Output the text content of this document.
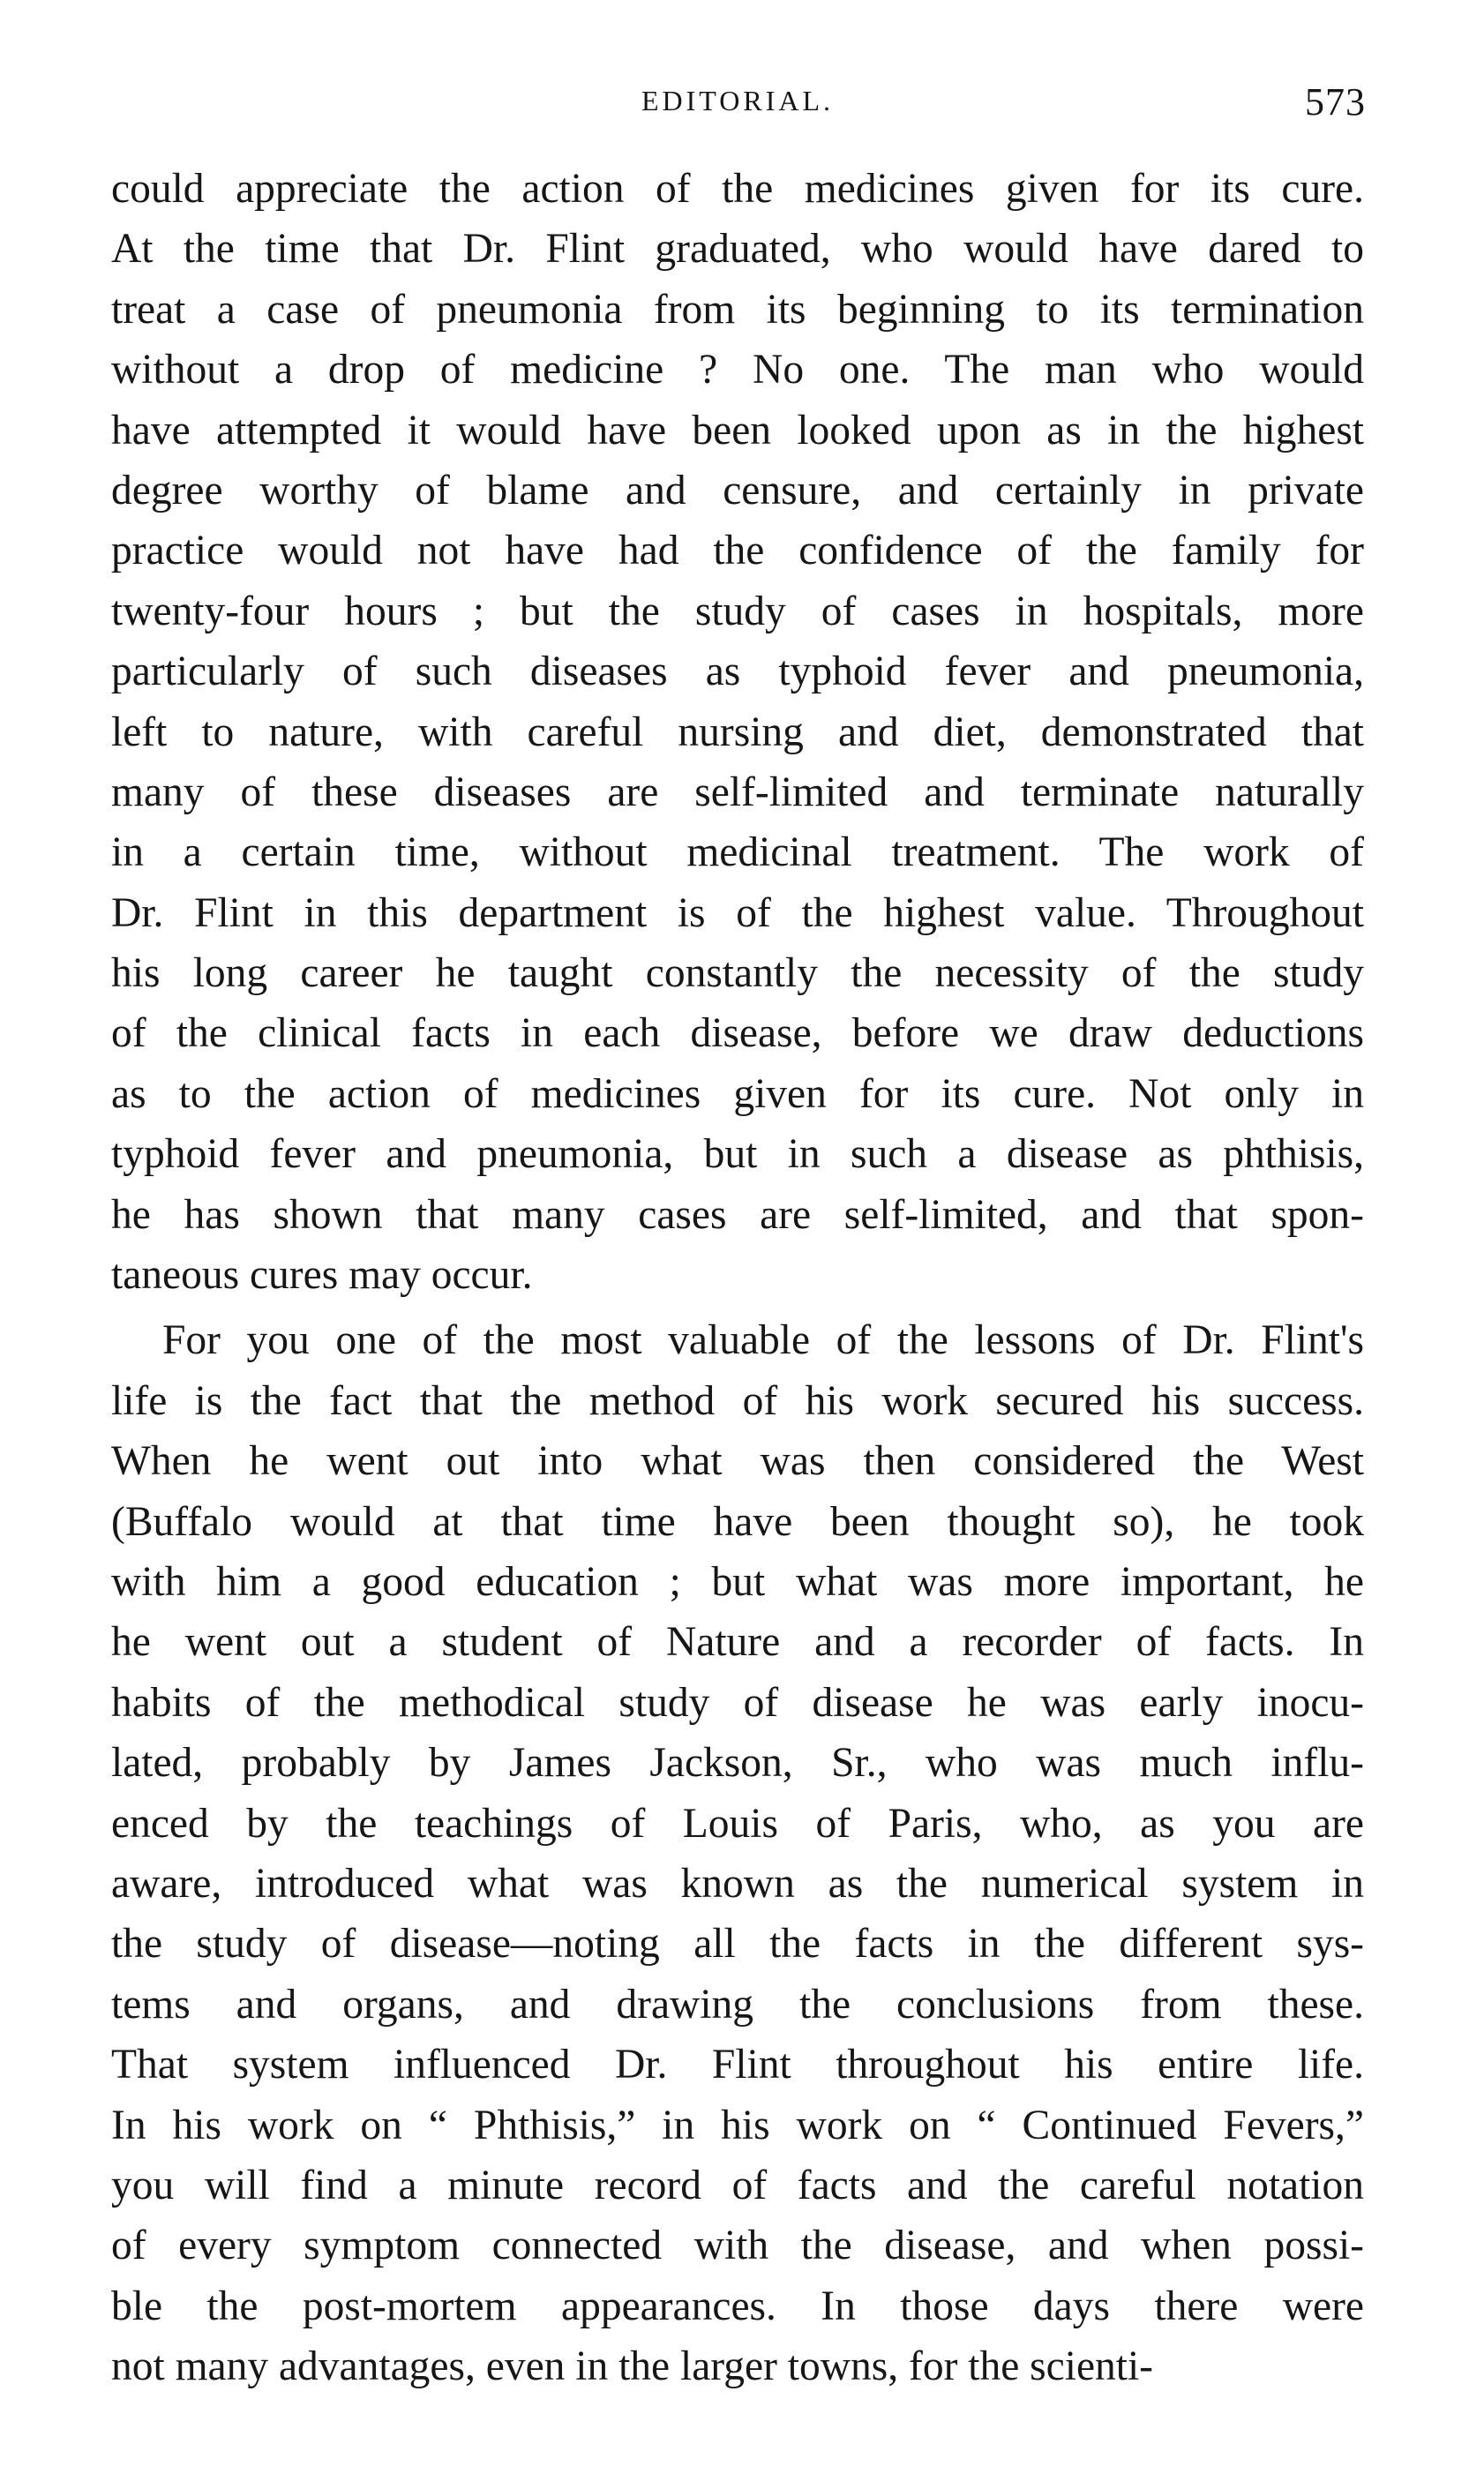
EDITORIAL.	573

could appreciate the action of the medicines given for its cure.
At the time that Dr. Flint graduated, who would have dared to
treat a case of pneumonia from its beginning to its termination
without a drop of medicine ? No one. The man who would
have attempted it would have been looked upon as in the highest
degree worthy of blame and censure, and certainly in private
practice would not have had the confidence of the family for
twenty-four hours ; but the study of cases in hospitals, more
particularly of such diseases as typhoid fever and pneumonia,
left to nature, with careful nursing and diet, demonstrated that
many of these diseases are self-limited and terminate naturally
in a certain time, without medicinal treatment. The work of
Dr. Flint in this department is of the highest value. Throughout
his long career he taught constantly the necessity of the study
of the clinical facts in each disease, before we draw deductions
as to the action of medicines given for its cure. Not only in
typhoid fever and pneumonia, but in such a disease as phthisis,
he has shown that many cases are self-limited, and that spon-
taneous cures may occur.

For you one of the most valuable of the lessons of Dr. Flint's
life is the fact that the method of his work secured his success.
When he went out into what was then considered the West
(Buffalo would at that time have been thought so), he took
with him a good education ; but what was more important, he
he went out a student of Nature and a recorder of facts. In
habits of the methodical study of disease he was early inocu-
lated, probably by James Jackson, Sr., who was much influ-
enced by the teachings of Louis of Paris, who, as you are
aware, introduced what was known as the numerical system in
the study of disease—noting all the facts in the different sys-
tems and organs, and drawing the conclusions from these.
That system influenced Dr. Flint throughout his entire life.
In his work on “ Phthisis,” in his work on “ Continued Fevers,”
you will find a minute record of facts and the careful notation
of every symptom connected with the disease, and when possi-
ble the post-mortem appearances. In those days there were
not many advantages, even in the larger towns, for the scienti-
